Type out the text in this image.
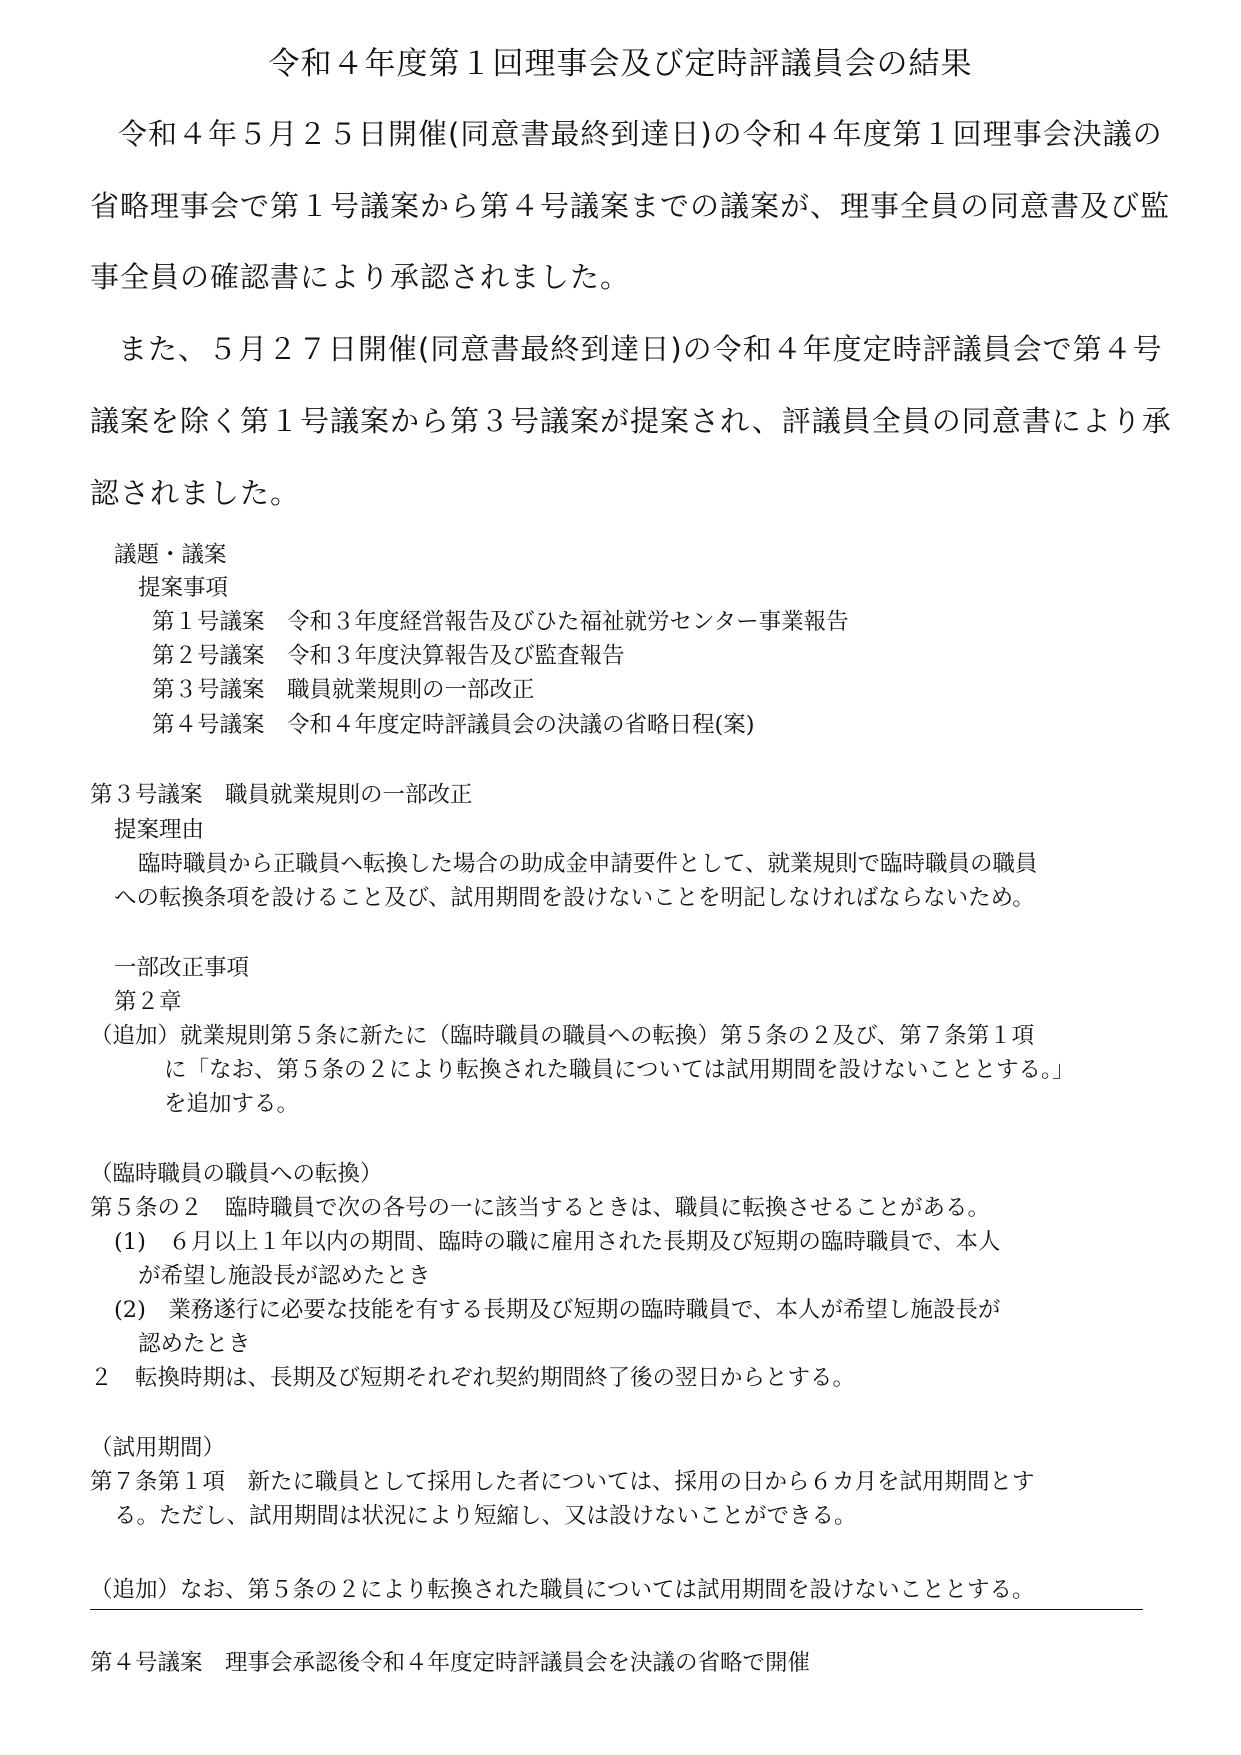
令和４年度第１回理事会及び定時評議員会の結果
令和４年５月２５日開催(同意書最終到達日)の令和４年度第１回理事会決議の
省略理事会で第１号議案から第４号議案までの議案が、理事全員の同意書及び監
事全員の確認書により承認されました。
また、５月２７日開催(同意書最終到達日)の令和４年度定時評議員会で第４号
議案を除く第１号議案から第３号議案が提案され、評議員全員の同意書により承
認されました。
議題・議案
提案事項
第１号議案　令和３年度経営報告及びひた福祉就労センター事業報告
第２号議案　令和３年度決算報告及び監査報告
第３号議案　職員就業規則の一部改正
第４号議案　令和４年度定時評議員会の決議の省略日程(案)
第３号議案　職員就業規則の一部改正
提案理由
臨時職員から正職員へ転換した場合の助成金申請要件として、就業規則で臨時職員の職員
への転換条項を設けること及び、試用期間を設けないことを明記しなければならないため。
一部改正事項
第２章
（追加）就業規則第５条に新たに（臨時職員の職員への転換）第５条の２及び、第７条第１項
に「なお、第５条の２により転換された職員については試用期間を設けないこととする。」
を追加する。
（臨時職員の職員への転換）
第５条の２　臨時職員で次の各号の一に該当するときは、職員に転換させることがある。
(1)　６月以上１年以内の期間、臨時の職に雇用された長期及び短期の臨時職員で、本人
が希望し施設長が認めたとき
(2)　業務遂行に必要な技能を有する長期及び短期の臨時職員で、本人が希望し施設長が
認めたとき
２　転換時期は、長期及び短期それぞれ契約期間終了後の翌日からとする。
（試用期間）
第７条第１項　新たに職員として採用した者については、採用の日から６カ月を試用期間とす
る。ただし、試用期間は状況により短縮し、又は設けないことができる。
（追加）なお、第５条の２により転換された職員については試用期間を設けないこととする。
第４号議案　理事会承認後令和４年度定時評議員会を決議の省略で開催
